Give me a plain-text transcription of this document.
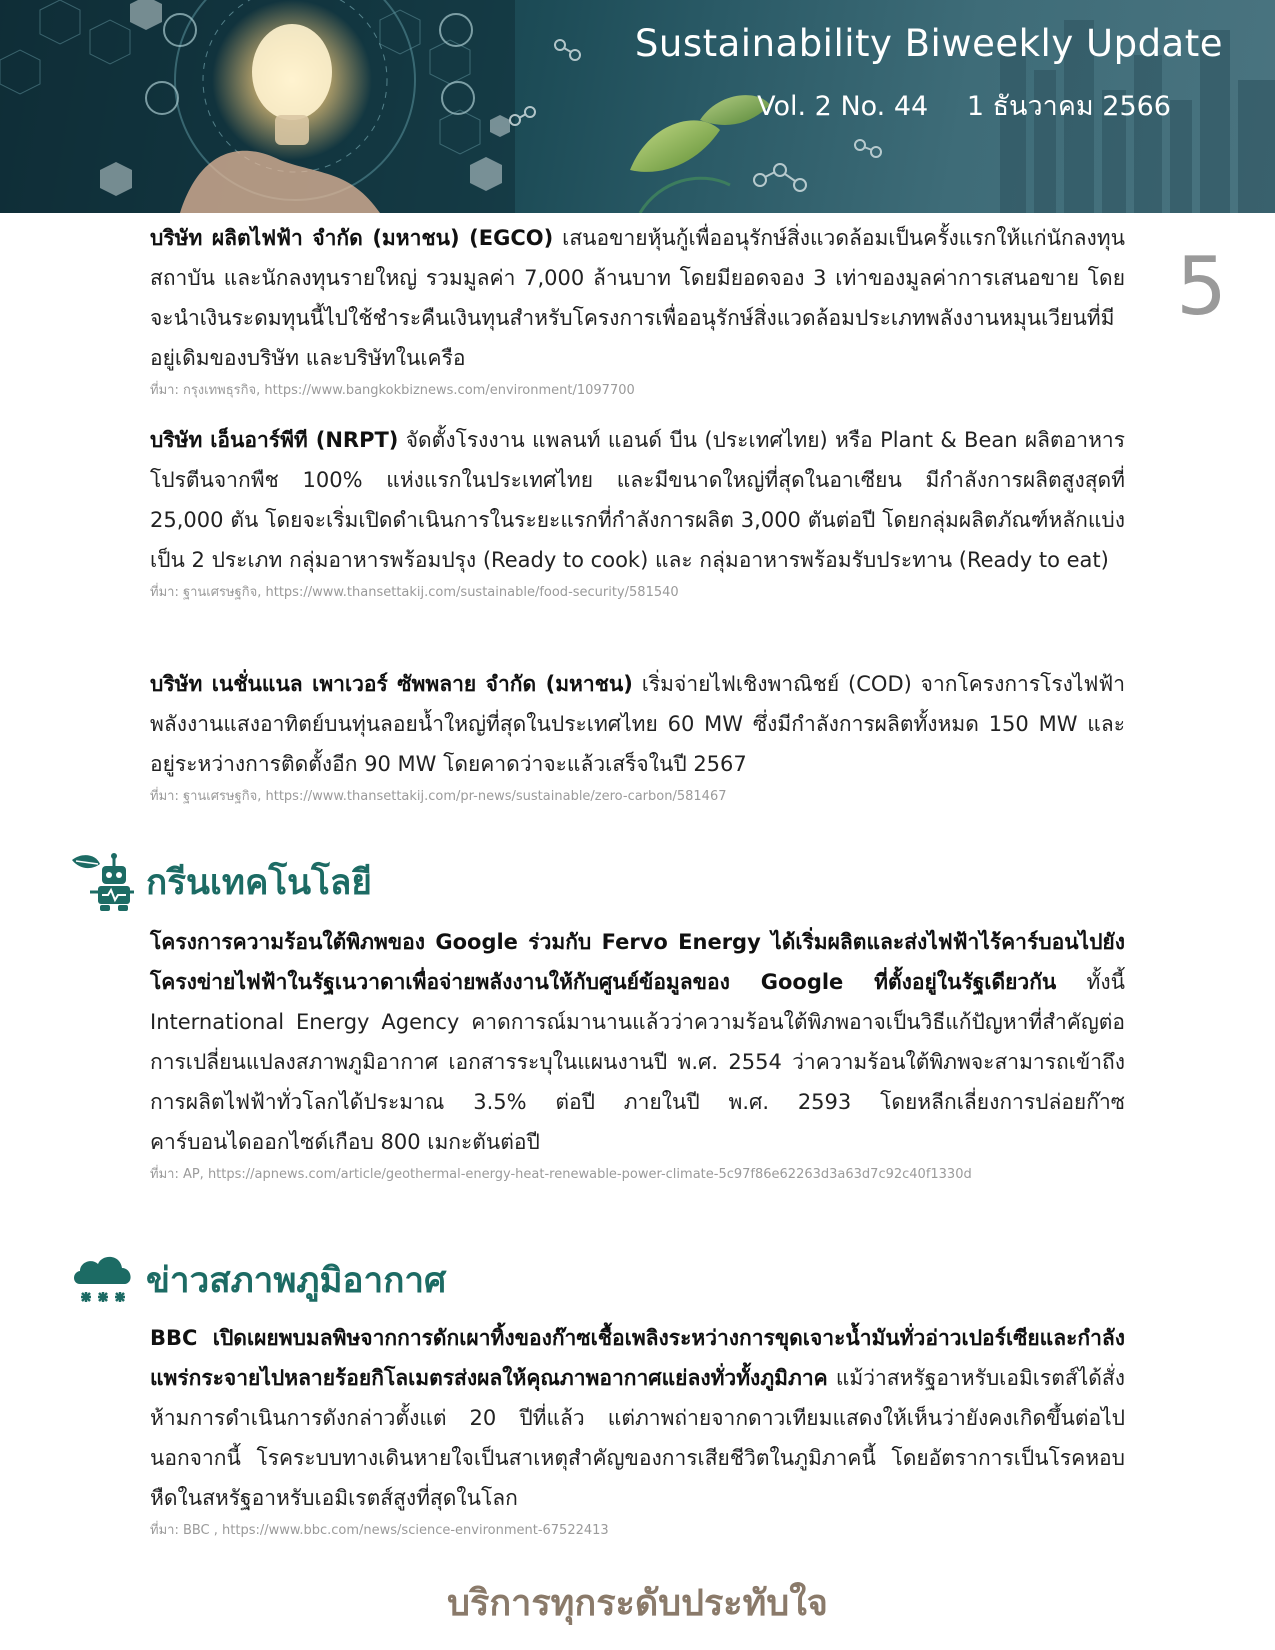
Sustainability Biweekly Update
Vol. 2 No. 44 1 ธันวาคม 2566
5
บริษัท ผลิตไฟฟ้า จำกัด (มหาชน) (EGCO) เสนอขายหุ้นกู้เพื่ออนุรักษ์สิ่งแวดล้อมเป็นครั้งแรกให้แก่นักลงทุนสถาบัน และนักลงทุนรายใหญ่ รวมมูลค่า 7,000 ล้านบาท โดยมียอดจอง 3 เท่าของมูลค่าการเสนอขาย โดยจะนำเงินระดมทุนนี้ไปใช้ชำระคืนเงินทุนสำหรับโครงการเพื่ออนุรักษ์สิ่งแวดล้อมประเภทพลังงานหมุนเวียนที่มีอยู่เดิมของบริษัท และบริษัทในเครือ
ที่มา: กรุงเทพธุรกิจ, https://www.bangkokbiznews.com/environment/1097700
บริษัท เอ็นอาร์พีที (NRPT) จัดตั้งโรงงาน แพลนท์ แอนด์ บีน (ประเทศไทย) หรือ Plant & Bean ผลิตอาหารโปรตีนจากพืช 100% แห่งแรกในประเทศไทย และมีขนาดใหญ่ที่สุดในอาเซียน มีกำลังการผลิตสูงสุดที่ 25,000 ตัน โดยจะเริ่มเปิดดำเนินการในระยะแรกที่กำลังการผลิต 3,000 ตันต่อปี โดยกลุ่มผลิตภัณฑ์หลักแบ่งเป็น 2 ประเภท กลุ่มอาหารพร้อมปรุง (Ready to cook) และ กลุ่มอาหารพร้อมรับประทาน (Ready to eat)
ที่มา: ฐานเศรษฐกิจ, https://www.thansettakij.com/sustainable/food-security/581540
บริษัท เนชั่นแนล เพาเวอร์ ซัพพลาย จำกัด (มหาชน) เริ่มจ่ายไฟเชิงพาณิชย์ (COD) จากโครงการโรงไฟฟ้าพลังงานแสงอาทิตย์บนทุ่นลอยน้ำใหญ่ที่สุดในประเทศไทย 60 MW ซึ่งมีกำลังการผลิตทั้งหมด 150 MW และอยู่ระหว่างการติดตั้งอีก 90 MW โดยคาดว่าจะแล้วเสร็จในปี 2567
ที่มา: ฐานเศรษฐกิจ, https://www.thansettakij.com/pr-news/sustainable/zero-carbon/581467
กรีนเทคโนโลยี
โครงการความร้อนใต้พิภพของ Google ร่วมกับ Fervo Energy ได้เริ่มผลิตและส่งไฟฟ้าไร้คาร์บอนไปยังโครงข่ายไฟฟ้าในรัฐเนวาดาเพื่อจ่ายพลังงานให้กับศูนย์ข้อมูลของ Google ที่ตั้งอยู่ในรัฐเดียวกัน ทั้งนี้ International Energy Agency คาดการณ์มานานแล้วว่าความร้อนใต้พิภพอาจเป็นวิธีแก้ปัญหาที่สำคัญต่อการเปลี่ยนแปลงสภาพภูมิอากาศ เอกสารระบุในแผนงานปี พ.ศ. 2554 ว่าความร้อนใต้พิภพจะสามารถเข้าถึงการผลิตไฟฟ้าทั่วโลกได้ประมาณ 3.5% ต่อปี ภายในปี พ.ศ. 2593 โดยหลีกเลี่ยงการปล่อยก๊าซคาร์บอนไดออกไซด์เกือบ 800 เมกะตันต่อปี
ที่มา: AP, https://apnews.com/article/geothermal-energy-heat-renewable-power-climate-5c97f86e62263d3a63d7c92c40f1330d
ข่าวสภาพภูมิอากาศ
BBC เปิดเผยพบมลพิษจากการดักเผาทิ้งของก๊าซเชื้อเพลิงระหว่างการขุดเจาะน้ำมันทั่วอ่าวเปอร์เซียและกำลังแพร่กระจายไปหลายร้อยกิโลเมตรส่งผลให้คุณภาพอากาศแย่ลงทั่วทั้งภูมิภาค แม้ว่าสหรัฐอาหรับเอมิเรตส์ได้สั่งห้ามการดำเนินการดังกล่าวตั้งแต่ 20 ปีที่แล้ว แต่ภาพถ่ายจากดาวเทียมแสดงให้เห็นว่ายังคงเกิดขึ้นต่อไป นอกจากนี้ โรคระบบทางเดินหายใจเป็นสาเหตุสำคัญของการเสียชีวิตในภูมิภาคนี้ โดยอัตราการเป็นโรคหอบหืดในสหรัฐอาหรับเอมิเรตส์สูงที่สุดในโลก
ที่มา: BBC , https://www.bbc.com/news/science-environment-67522413
บริการทุกระดับประทับใจ
